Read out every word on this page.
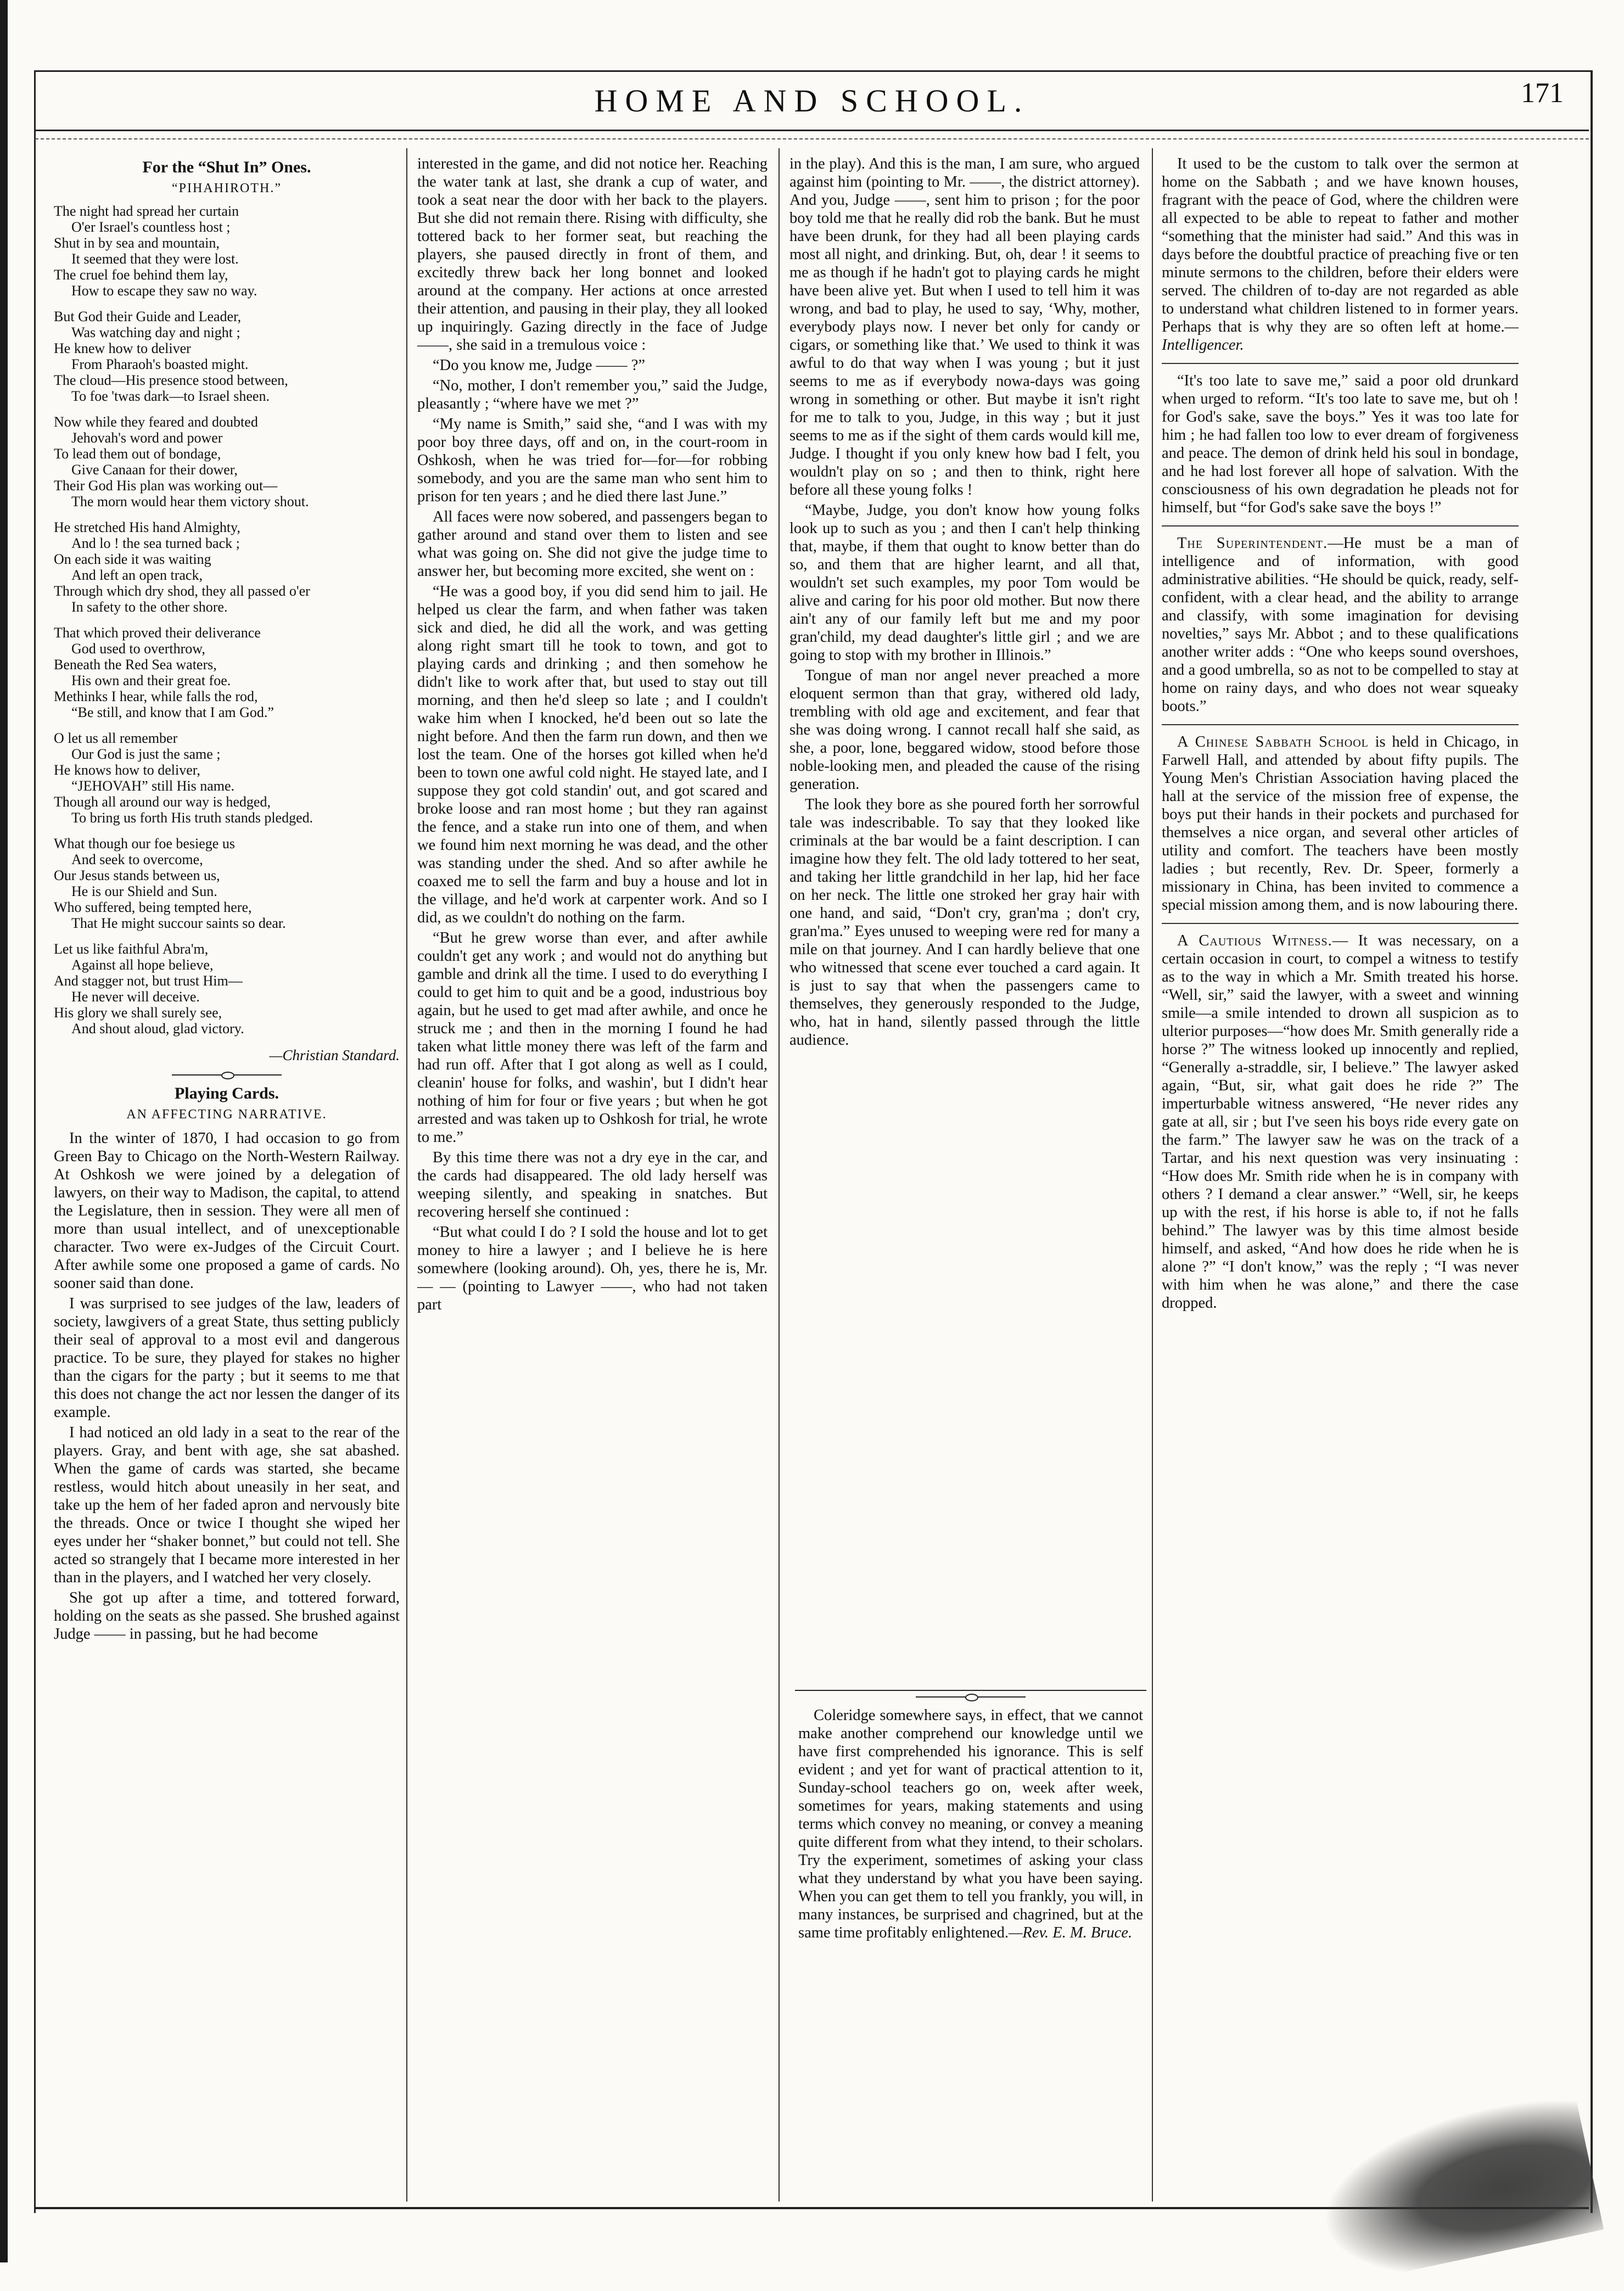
HOME AND SCHOOL.	171
For the “Shut In” Ones.
“PIHAHIROTH.”
The night had spread her curtain
O'er Israel's countless host ;
Shut in by sea and mountain,
It seemed that they were lost.
The cruel foe behind them lay,
How to escape they saw no way.
But God their Guide and Leader,
Was watching day and night ;
He knew how to deliver
From Pharaoh's boasted might.
The cloud—His presence stood between,
To foe 'twas dark—to Israel sheen.
Now while they feared and doubted
Jehovah's word and power
To lead them out of bondage,
Give Canaan for their dower,
Their God His plan was working out—
The morn would hear them victory shout.
He stretched His hand Almighty,
And lo ! the sea turned back ;
On each side it was waiting
And left an open track,
Through which dry shod, they all passed o'er
In safety to the other shore.
That which proved their deliverance
God used to overthrow,
Beneath the Red Sea waters,
His own and their great foe.
Methinks I hear, while falls the rod,
“Be still, and know that I am God.”
O let us all remember
Our God is just the same ;
He knows how to deliver,
“JEHOVAH” still His name.
Though all around our way is hedged,
To bring us forth His truth stands pledged.
What though our foe besiege us
And seek to overcome,
Our Jesus stands between us,
He is our Shield and Sun.
Who suffered, being tempted here,
That He might succour saints so dear.
Let us like faithful Abra'm,
Against all hope believe,
And stagger not, but trust Him—
He never will deceive.
His glory we shall surely see,
And shout aloud, glad victory.
—Christian Standard.
Playing Cards.
AN AFFECTING NARRATIVE.

In the winter of 1870, I had occasion to go from Green Bay to Chicago on the North-Western Railway. At Oshkosh we were joined by a delegation of lawyers, on their way to Madison, the capital, to attend the Legislature, then in session. They were all men of more than usual intellect, and of unexceptionable character. Two were ex-Judges of the Circuit Court. After awhile some one proposed a game of cards. No sooner said than done.

I was surprised to see judges of the law, leaders of society, lawgivers of a great State, thus setting publicly their seal of approval to a most evil and dangerous practice. To be sure, they played for stakes no higher than the cigars for the party ; but it seems to me that this does not change the act nor lessen the danger of its example.

I had noticed an old lady in a seat to the rear of the players. Gray, and bent with age, she sat abashed. When the game of cards was started, she became restless, would hitch about uneasily in her seat, and take up the hem of her faded apron and nervously bite the threads. Once or twice I thought she wiped her eyes under her “shaker bonnet,” but could not tell. She acted so strangely that I became more interested in her than in the players, and I watched her very closely.

She got up after a time, and tottered forward, holding on the seats as she passed. She brushed against Judge —— in passing, but he had become

interested in the game, and did not notice her. Reaching the water tank at last, she drank a cup of water, and took a seat near the door with her back to the players. But she did not remain there. Rising with difficulty, she tottered back to her former seat, but reaching the players, she paused directly in front of them, and excitedly threw back her long bonnet and looked around at the company. Her actions at once arrested their attention, and pausing in their play, they all looked up inquiringly. Gazing directly in the face of Judge ——, she said in a tremulous voice :

“Do you know me, Judge —— ?”

“No, mother, I don't remember you,” said the Judge, pleasantly ; “where have we met ?”

“My name is Smith,” said she, “and I was with my poor boy three days, off and on, in the court-room in Oshkosh, when he was tried for—for—for robbing somebody, and you are the same man who sent him to prison for ten years ; and he died there last June.”

All faces were now sobered, and passengers began to gather around and stand over them to listen and see what was going on. She did not give the judge time to answer her, but becoming more excited, she went on :

“He was a good boy, if you did send him to jail. He helped us clear the farm, and when father was taken sick and died, he did all the work, and was getting along right smart till he took to town, and got to playing cards and drinking ; and then somehow he didn't like to work after that, but used to stay out till morning, and then he'd sleep so late ; and I couldn't wake him when I knocked, he'd been out so late the night before. And then the farm run down, and then we lost the team. One of the horses got killed when he'd been to town one awful cold night. He stayed late, and I suppose they got cold standin' out, and got scared and broke loose and ran most home ; but they ran against the fence, and a stake run into one of them, and when we found him next morning he was dead, and the other was standing under the shed. And so after awhile he coaxed me to sell the farm and buy a house and lot in the village, and he'd work at carpenter work. And so I did, as we couldn't do nothing on the farm.

“But he grew worse than ever, and after awhile couldn't get any work ; and would not do anything but gamble and drink all the time. I used to do everything I could to get him to quit and be a good, industrious boy again, but he used to get mad after awhile, and once he struck me ; and then in the morning I found he had taken what little money there was left of the farm and had run off. After that I got along as well as I could, cleanin' house for folks, and washin', but I didn't hear nothing of him for four or five years ; but when he got arrested and was taken up to Oshkosh for trial, he wrote to me.”

By this time there was not a dry eye in the car, and the cards had disappeared. The old lady herself was weeping silently, and speaking in snatches. But recovering herself she continued :

“But what could I do ? I sold the house and lot to get money to hire a lawyer ; and I believe he is here somewhere (looking around). Oh, yes, there he is, Mr. — — (pointing to Lawyer ——, who had not taken part

in the play). And this is the man, I am sure, who argued against him (pointing to Mr. ——, the district attorney). And you, Judge ——, sent him to prison ; for the poor boy told me that he really did rob the bank. But he must have been drunk, for they had all been playing cards most all night, and drinking. But, oh, dear ! it seems to me as though if he hadn't got to playing cards he might have been alive yet. But when I used to tell him it was wrong, and bad to play, he used to say, ‘Why, mother, everybody plays now. I never bet only for candy or cigars, or something like that.’ We used to think it was awful to do that way when I was young ; but it just seems to me as if everybody nowa-days was going wrong in something or other. But maybe it isn't right for me to talk to you, Judge, in this way ; but it just seems to me as if the sight of them cards would kill me, Judge. I thought if you only knew how bad I felt, you wouldn't play on so ; and then to think, right here before all these young folks !

“Maybe, Judge, you don't know how young folks look up to such as you ; and then I can't help thinking that, maybe, if them that ought to know better than do so, and them that are higher learnt, and all that, wouldn't set such examples, my poor Tom would be alive and caring for his poor old mother. But now there ain't any of our family left but me and my poor gran'child, my dead daughter's little girl ; and we are going to stop with my brother in Illinois.”

Tongue of man nor angel never preached a more eloquent sermon than that gray, withered old lady, trembling with old age and excitement, and fear that she was doing wrong. I cannot recall half she said, as she, a poor, lone, beggared widow, stood before those noble-looking men, and pleaded the cause of the rising generation.

The look they bore as she poured forth her sorrowful tale was indescribable. To say that they looked like criminals at the bar would be a faint description. I can imagine how they felt. The old lady tottered to her seat, and taking her little grandchild in her lap, hid her face on her neck. The little one stroked her gray hair with one hand, and said, “Don't cry, gran'ma ; don't cry, gran'ma.” Eyes unused to weeping were red for many a mile on that journey. And I can hardly believe that one who witnessed that scene ever touched a card again. It is just to say that when the passengers came to themselves, they generously responded to the Judge, who, hat in hand, silently passed through the little audience.

Coleridge somewhere says, in effect, that we cannot make another comprehend our knowledge until we have first comprehended his ignorance. This is self evident ; and yet for want of practical attention to it, Sunday-school teachers go on, week after week, sometimes for years, making statements and using terms which convey no meaning, or convey a meaning quite different from what they intend, to their scholars. Try the experiment, sometimes of asking your class what they understand by what you have been saying. When you can get them to tell you frankly, you will, in many instances, be surprised and chagrined, but at the same time profitably enlightened.—Rev. E. M. Bruce.

It used to be the custom to talk over the sermon at home on the Sabbath ; and we have known houses, fragrant with the peace of God, where the children were all expected to be able to repeat to father and mother “something that the minister had said.” And this was in days before the doubtful practice of preaching five or ten minute sermons to the children, before their elders were served. The children of to-day are not regarded as able to understand what children listened to in former years. Perhaps that is why they are so often left at home.—Intelligencer.

“It's too late to save me,” said a poor old drunkard when urged to reform. “It's too late to save me, but oh ! for God's sake, save the boys.” Yes it was too late for him ; he had fallen too low to ever dream of forgiveness and peace. The demon of drink held his soul in bondage, and he had lost forever all hope of salvation. With the consciousness of his own degradation he pleads not for himself, but “for God's sake save the boys !”

The Superintendent.—He must be a man of intelligence and of information, with good administrative abilities. “He should be quick, ready, self-confident, with a clear head, and the ability to arrange and classify, with some imagination for devising novelties,” says Mr. Abbot ; and to these qualifications another writer adds : “One who keeps sound overshoes, and a good umbrella, so as not to be compelled to stay at home on rainy days, and who does not wear squeaky boots.”

A Chinese Sabbath School is held in Chicago, in Farwell Hall, and attended by about fifty pupils. The Young Men's Christian Association having placed the hall at the service of the mission free of expense, the boys put their hands in their pockets and purchased for themselves a nice organ, and several other articles of utility and comfort. The teachers have been mostly ladies ; but recently, Rev. Dr. Speer, formerly a missionary in China, has been invited to commence a special mission among them, and is now labouring there.

A Cautious Witness.— It was necessary, on a certain occasion in court, to compel a witness to testify as to the way in which a Mr. Smith treated his horse. “Well, sir,” said the lawyer, with a sweet and winning smile—a smile intended to drown all suspicion as to ulterior purposes—“how does Mr. Smith generally ride a horse ?” The witness looked up innocently and replied, “Generally a-straddle, sir, I believe.” The lawyer asked again, “But, sir, what gait does he ride ?” The imperturbable witness answered, “He never rides any gate at all, sir ; but I've seen his boys ride every gate on the farm.” The lawyer saw he was on the track of a Tartar, and his next question was very insinuating : “How does Mr. Smith ride when he is in company with others ? I demand a clear answer.” “Well, sir, he keeps up with the rest, if his horse is able to, if not he falls behind.” The lawyer was by this time almost beside himself, and asked, “And how does he ride when he is alone ?” “I don't know,” was the reply ; “I was never with him when he was alone,” and there the case dropped.
